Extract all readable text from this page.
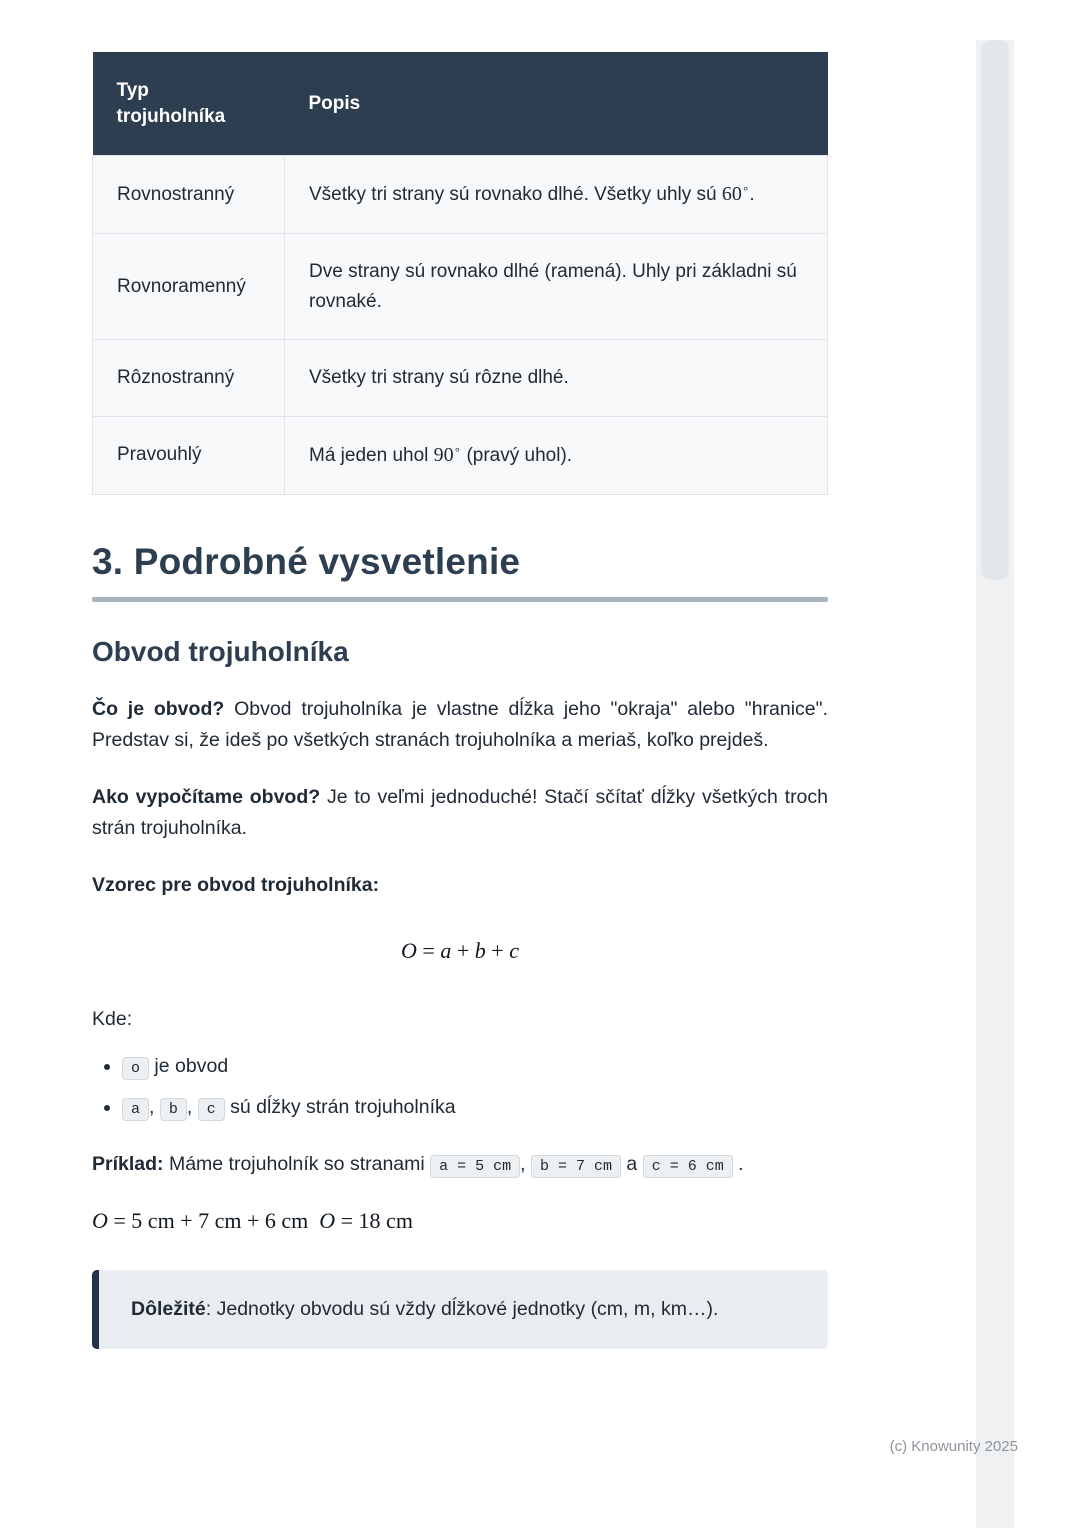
Typ trojuholníka	Popis
Rovnostranný	Všetky tri strany sú rovnako dlhé. Všetky uhly sú 60∘.
Rovnoramenný	Dve strany sú rovnako dlhé (ramená). Uhly pri základni sú rovnaké.
Rôznostranný	Všetky tri strany sú rôzne dlhé.
Pravouhlý	Má jeden uhol 90∘ (pravý uhol).
3. Podrobné vysvetlenie
Obvod trojuholníka

Čo je obvod? Obvod trojuholníka je vlastne dĺžka jeho "okraja" alebo "hranice". Predstav si, že ideš po všetkých stranách trojuholníka a meriaš, koľko prejdeš.

Ako vypočítame obvod? Je to veľmi jednoduché! Stačí sčítať dĺžky všetkých troch strán trojuholníka.

Vzorec pre obvod trojuholníka:

O = a + b + c

Kde:

• o je obvod
• a , b , c sú dĺžky strán trojuholníka

Príklad: Máme trojuholník so stranami a = 5 cm , b = 7 cm a c = 6 cm .

O = 5 cm + 7 cm + 6 cm  O = 18 cm

Dôležité: Jednotky obvodu sú vždy dĺžkové jednotky (cm, m, km…).

(c) Knowunity 2025
